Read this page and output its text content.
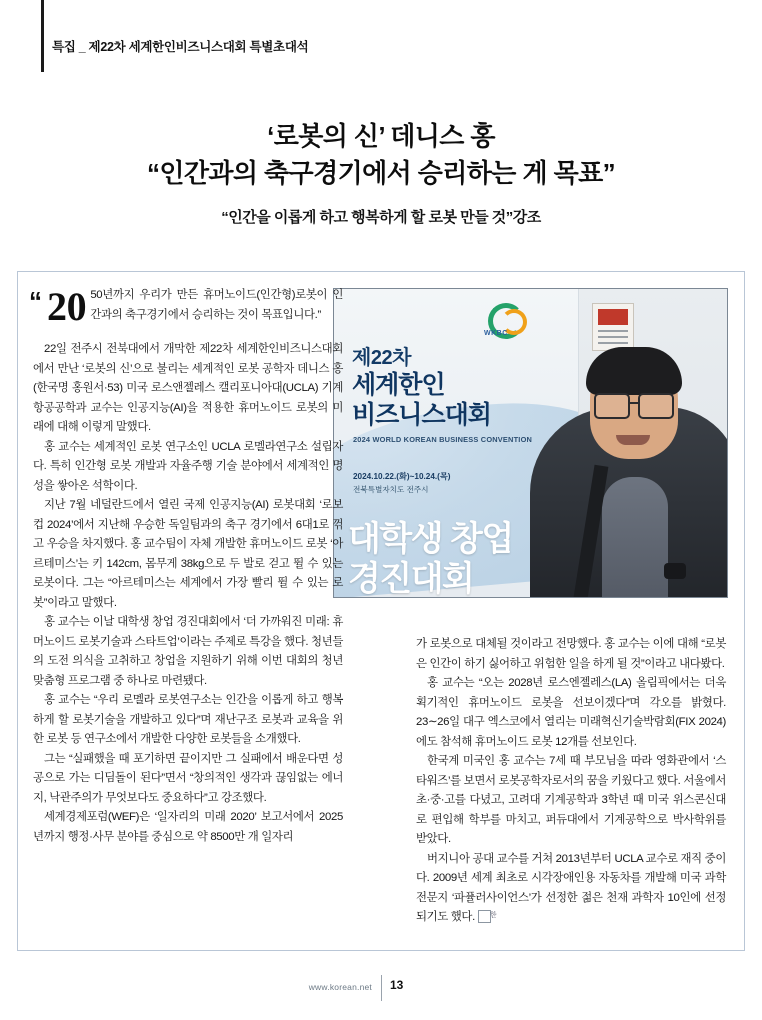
특집 _ 제22차 세계한인비즈니스대회 특별초대석
‘로봇의 신’ 데니스 홍
“인간과의 축구경기에서 승리하는 게 목표”
“인간을 이롭게 하고 행복하게 할 로봇 만들 것”강조
WKBC
제22차
세계한인
비즈니스대회
2024 WORLD KOREAN BUSINESS CONVENTION
2024.10.22.(화)~10.24.(목)
전북특별자치도 전주시
대학생 창업
경진대회

“ 20 50년까지 우리가 만든 휴머노이드(인간형)로봇이 인간과의 축구경기에서 승리하는 것이 목표입니다.”

22일 전주시 전북대에서 개막한 제22차 세계한인비즈니스대회에서 만난 ‘로봇의 신’으로 불리는 세계적인 로봇 공학자 데니스 홍(한국명 홍원서·53) 미국 로스앤젤레스 캘리포니아대(UCLA) 기계항공공학과 교수는 인공지능(AI)을 적용한 휴머노이드 로봇의 미래에 대해 이렇게 말했다.

홍 교수는 세계적인 로봇 연구소인 UCLA 로멜라연구소 설립자다. 특히 인간형 로봇 개발과 자율주행 기술 분야에서 세계적인 명성을 쌓아온 석학이다.

지난 7월 네덜란드에서 열린 국제 인공지능(AI) 로봇대회 ‘로보컵 2024’에서 지난해 우승한 독일팀과의 축구 경기에서 6대1로 꺾고 우승을 차지했다. 홍 교수팀이 자체 개발한 휴머노이드 로봇 ‘아르테미스’는 키 142cm, 몸무게 38kg으로 두 발로 걷고 뛸 수 있는 로봇이다. 그는 “아르테미스는 세계에서 가장 빨리 뛸 수 있는 로봇”이라고 말했다.

홍 교수는 이날 대학생 창업 경진대회에서 ‘더 가까워진 미래: 휴머노이드 로봇기술과 스타트업’이라는 주제로 특강을 했다. 청년들의 도전 의식을 고취하고 창업을 지원하기 위해 이번 대회의 청년 맞춤형 프로그램 중 하나로 마련됐다.

홍 교수는 “우리 로멜라 로봇연구소는 인간을 이롭게 하고 행복하게 할 로봇기술을 개발하고 있다”며 재난구조 로봇과 교육을 위한 로봇 등 연구소에서 개발한 다양한 로봇들을 소개했다.

그는 “실패했을 때 포기하면 끝이지만 그 실패에서 배운다면 성공으로 가는 디딤돌이 된다”면서 “창의적인 생각과 끊임없는 에너지, 낙관주의가 무엇보다도 중요하다”고 강조했다.

세계경제포럼(WEF)은 ‘일자리의 미래 2020’ 보고서에서 2025년까지 행정·사무 분야를 중심으로 약 8500만 개 일자리

가 로봇으로 대체될 것이라고 전망했다. 홍 교수는 이에 대해 “로봇은 인간이 하기 싫어하고 위험한 일을 하게 될 것”이라고 내다봤다.

홍 교수는 “오는 2028년 로스엔젤레스(LA) 올림픽에서는 더욱 획기적인 휴머노이드 로봇을 선보이겠다”며 각오를 밝혔다. 23∼26일 대구 엑스코에서 열리는 미래혁신기술박람회(FIX 2024)에도 참석해 휴머노이드 로봇 12개를 선보인다.

한국계 미국인 홍 교수는 7세 때 부모님을 따라 영화관에서 ‘스타워즈’를 보면서 로봇공학자로서의 꿈을 키웠다고 했다. 서울에서 초·중·고를 다녔고, 고려대 기계공학과 3학년 때 미국 위스콘신대로 편입해 학부를 마치고, 퍼듀대에서 기계공학으로 박사학위를 받았다.

버지니아 공대 교수를 거쳐 2013년부터 UCLA 교수로 재직 중이다. 2009년 세계 최초로 시각장애인용 자동차를 개발해 미국 과학전문지 ‘파퓰러사이언스’가 선정한 젊은 천재 과학자 10인에 선정되기도 했다. 한

www.korean.net 13
